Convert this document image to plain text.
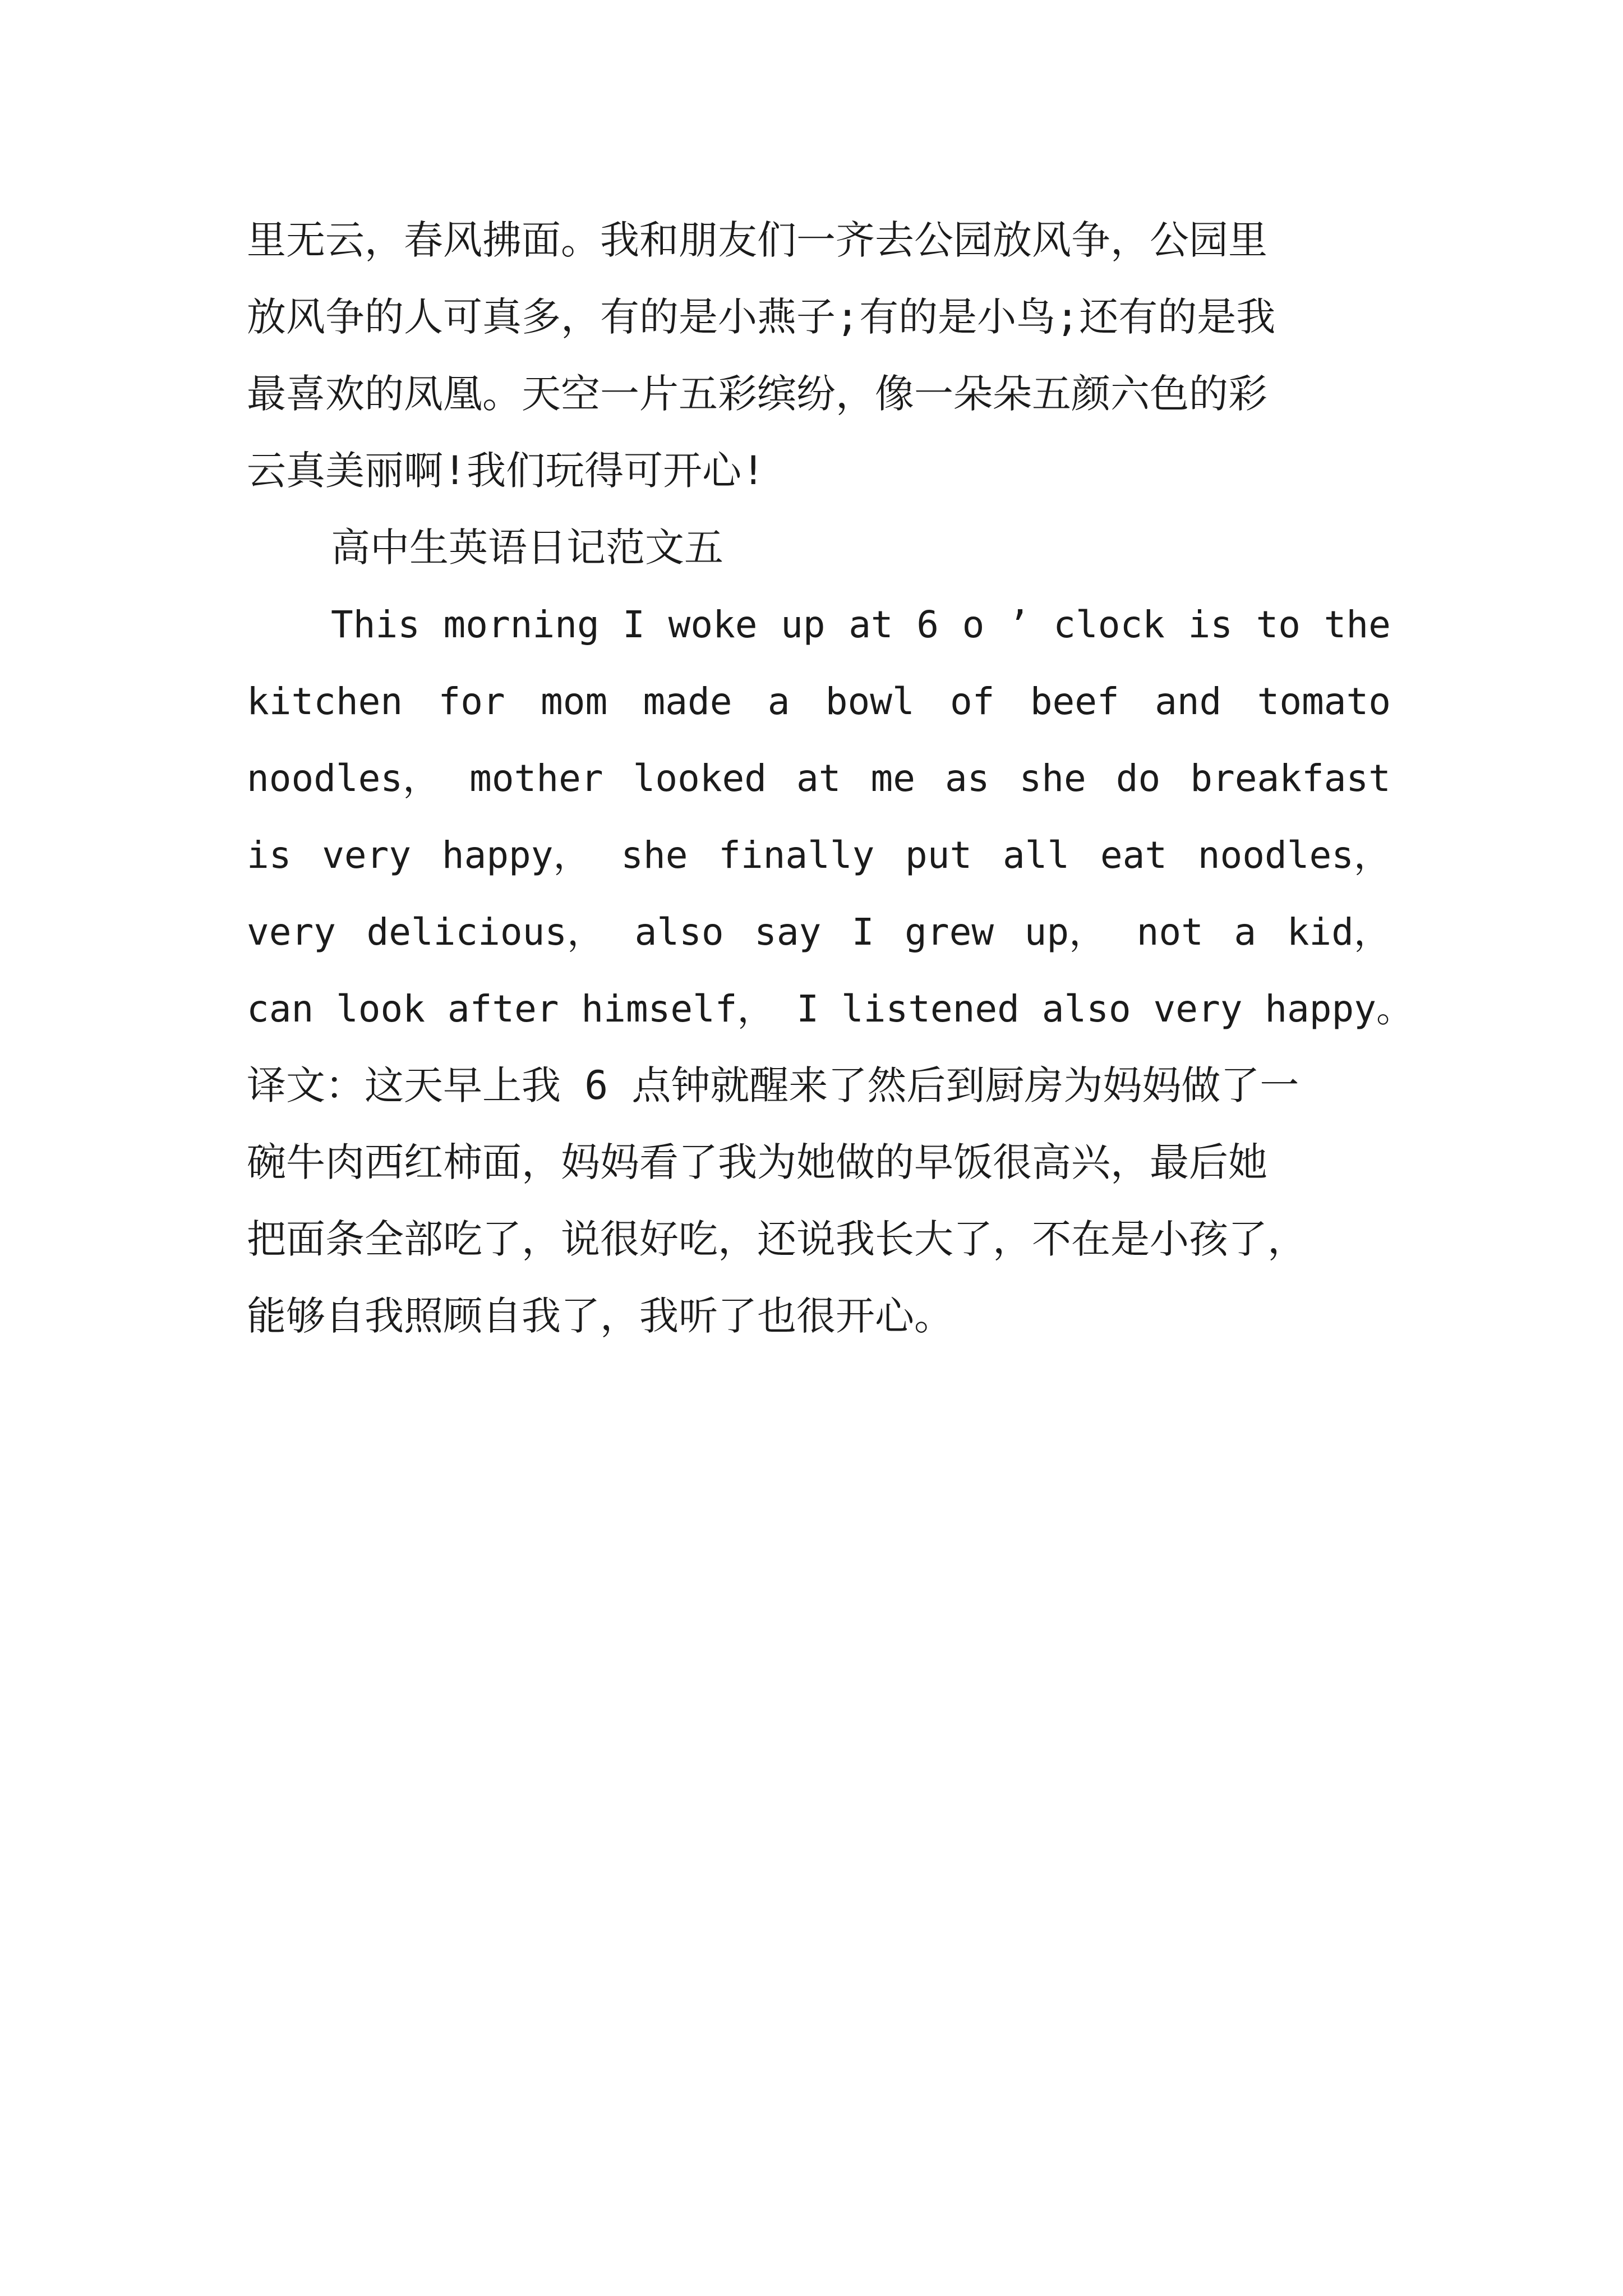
里无云，春风拂面。我和朋友们一齐去公园放风争，公园里
放风争的人可真多，有的是小燕子;有的是小鸟;还有的是我
最喜欢的凤凰。天空一片五彩缤纷，像一朵朵五颜六色的彩
云真美丽啊!我们玩得可开心!
高中生英语日记范文五
This morning I woke up at 6 o ’ clock is to the
kitchen for mom made a bowl of beef and tomato
noodles， mother looked at me as she do breakfast
is very happy， she finally put all eat noodles，
very delicious， also say I grew up， not a kid，
can look after himself， I listened also very happy。
译文：这天早上我 6 点钟就醒来了然后到厨房为妈妈做了一
碗牛肉西红柿面，妈妈看了我为她做的早饭很高兴，最后她
把面条全部吃了，说很好吃，还说我长大了，不在是小孩了，
能够自我照顾自我了，我听了也很开心。
